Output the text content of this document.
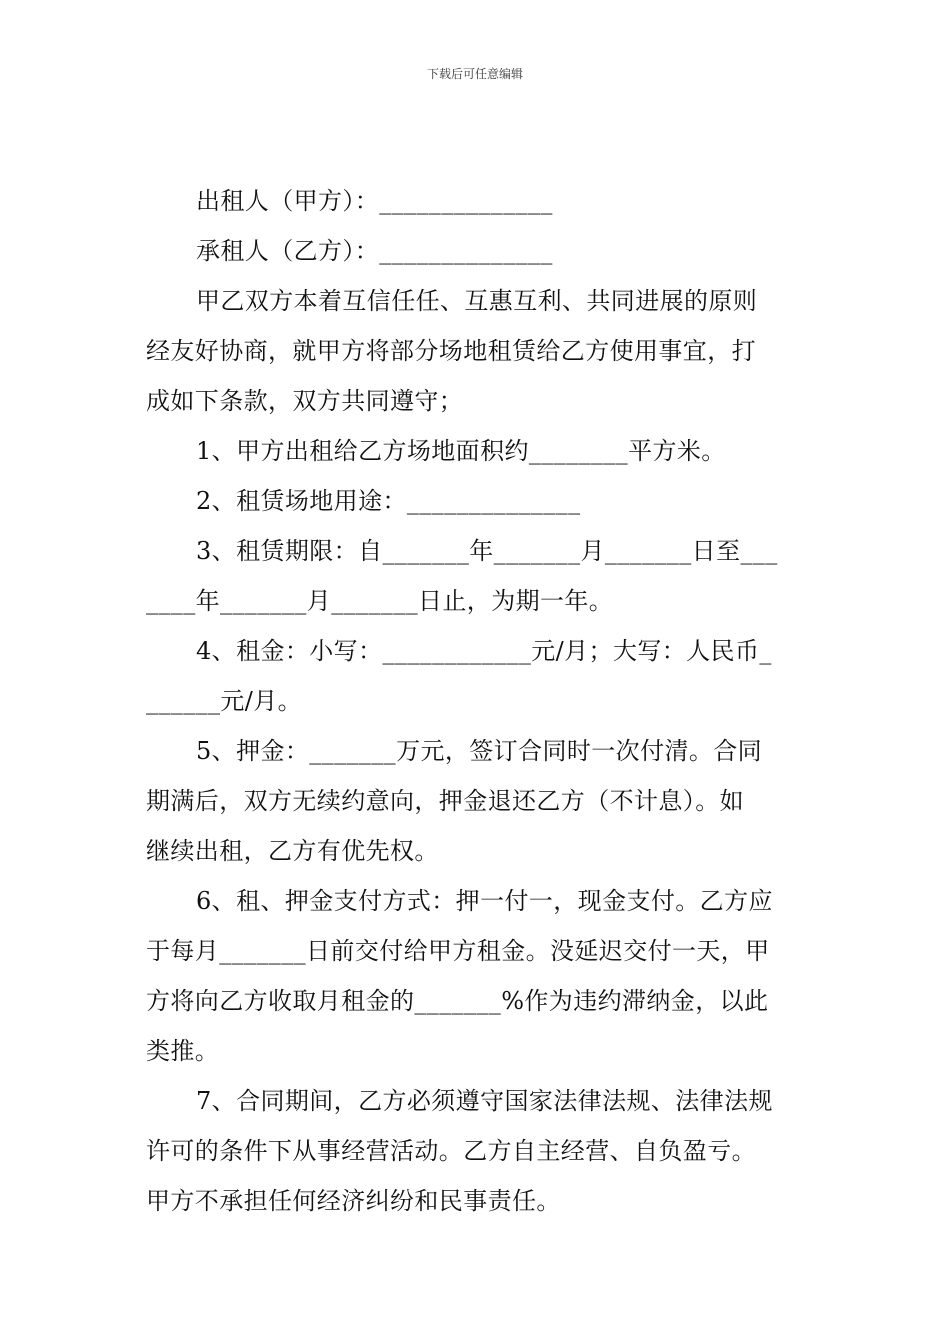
下载后可任意编辑
出租人（甲方）：______________
承租人（乙方）：______________
甲乙双方本着互信任任、互惠互利、共同进展的原则
经友好协商，就甲方将部分场地租赁给乙方使用事宜，打
成如下条款，双方共同遵守；
1、甲方出租给乙方场地面积约________平方米。
2、租赁场地用途：______________
3、租赁期限：自_______年_______月_______日至___
____年_______月_______日止，为期一年。
4、租金：小写：____________元/月；大写：人民币_
______元/月。
5、押金：_______万元，签订合同时一次付清。合同
期满后，双方无续约意向，押金退还乙方（不计息）。如
继续出租，乙方有优先权。
6、租、押金支付方式：押一付一，现金支付。乙方应
于每月_______日前交付给甲方租金。没延迟交付一天，甲
方将向乙方收取月租金的_______%作为违约滞纳金，以此
类推。
7、合同期间，乙方必须遵守国家法律法规、法律法规
许可的条件下从事经营活动。乙方自主经营、自负盈亏。
甲方不承担任何经济纠纷和民事责任。
